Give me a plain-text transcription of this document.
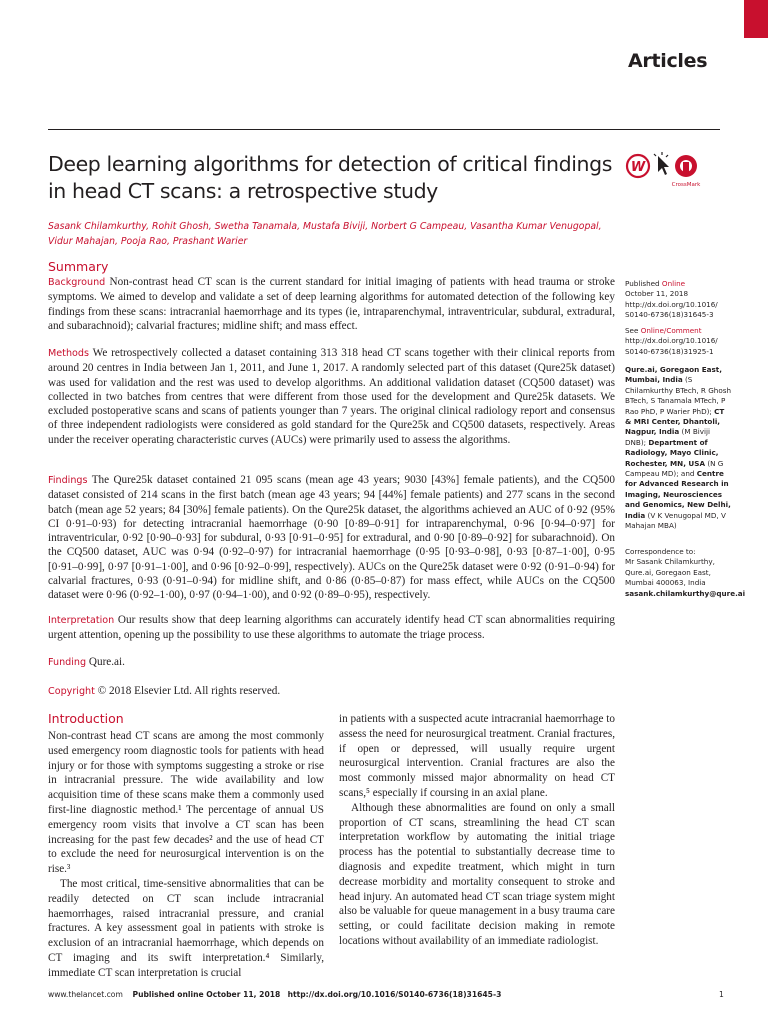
Articles
Deep learning algorithms for detection of critical findings in head CT scans: a retrospective study
W
CrossMark
Sasank Chilamkurthy, Rohit Ghosh, Swetha Tanamala, Mustafa Biviji, Norbert G Campeau, Vasantha Kumar Venugopal, Vidur Mahajan, Pooja Rao, Prashant Warier
Summary

Background Non-contrast head CT scan is the current standard for initial imaging of patients with head trauma or stroke symptoms. We aimed to develop and validate a set of deep learning algorithms for automated detection of the following key findings from these scans: intracranial haemorrhage and its types (ie, intraparenchymal, intraventricular, subdural, extradural, and subarachnoid); calvarial fractures; midline shift; and mass effect.

Methods We retrospectively collected a dataset containing 313 318 head CT scans together with their clinical reports from around 20 centres in India between Jan 1, 2011, and June 1, 2017. A randomly selected part of this dataset (Qure25k dataset) was used for validation and the rest was used to develop algorithms. An additional validation dataset (CQ500 dataset) was collected in two batches from centres that were different from those used for the development and Qure25k datasets. We excluded postoperative scans and scans of patients younger than 7 years. The original clinical radiology report and consensus of three independent radiologists were considered as gold standard for the Qure25k and CQ500 datasets, respectively. Areas under the receiver operating characteristic curves (AUCs) were primarily used to assess the algorithms.

Findings The Qure25k dataset contained 21 095 scans (mean age 43 years; 9030 [43%] female patients), and the CQ500 dataset consisted of 214 scans in the first batch (mean age 43 years; 94 [44%] female patients) and 277 scans in the second batch (mean age 52 years; 84 [30%] female patients). On the Qure25k dataset, the algorithms achieved an AUC of 0·92 (95% CI 0·91–0·93) for detecting intracranial haemorrhage (0·90 [0·89–0·91] for intraparenchymal, 0·96 [0·94–0·97] for intraventricular, 0·92 [0·90–0·93] for subdural, 0·93 [0·91–0·95] for extradural, and 0·90 [0·89–0·92] for subarachnoid). On the CQ500 dataset, AUC was 0·94 (0·92–0·97) for intracranial haemorrhage (0·95 [0·93–0·98], 0·93 [0·87–1·00], 0·95 [0·91–0·99], 0·97 [0·91–1·00], and 0·96 [0·92–0·99], respectively). AUCs on the Qure25k dataset were 0·92 (0·91–0·94) for calvarial fractures, 0·93 (0·91–0·94) for midline shift, and 0·86 (0·85–0·87) for mass effect, while AUCs on the CQ500 dataset were 0·96 (0·92–1·00), 0·97 (0·94–1·00), and 0·92 (0·89–0·95), respectively.

Interpretation Our results show that deep learning algorithms can accurately identify head CT scan abnormalities requiring urgent attention, opening up the possibility to use these algorithms to automate the triage process.

Funding Qure.ai.

Copyright © 2018 Elsevier Ltd. All rights reserved.

Published Online
October 11, 2018
http://dx.doi.org/10.1016/ S0140-6736(18)31645-3
See Online/Comment
http://dx.doi.org/10.1016/ S0140-6736(18)31925-1
Qure.ai, Goregaon East, Mumbai, India (S Chilamkurthy BTech, R Ghosh BTech, S Tanamala MTech, P Rao PhD, P Warier PhD); CT & MRI Center, Dhantoli, Nagpur, India (M Biviji DNB); Department of Radiology, Mayo Clinic, Rochester, MN, USA (N G Campeau MD); and Centre for Advanced Research in Imaging, Neurosciences and Genomics, New Delhi, India (V K Venugopal MD, V Mahajan MBA)
Correspondence to:
Mr Sasank Chilamkurthy, Qure.ai, Goregaon East, Mumbai 400063, India
sasank.chilamkurthy@qure.ai
Introduction

Non-contrast head CT scans are among the most commonly used emergency room diagnostic tools for patients with head injury or for those with symptoms suggesting a stroke or rise in intracranial pressure. The wide availability and low acquisition time of these scans make them a commonly used first-line diagnostic method.¹ The percentage of annual US emergency room visits that involve a CT scan has been increasing for the past few decades² and the use of head CT to exclude the need for neurosurgical intervention is on the rise.³

The most critical, time-sensitive abnormalities that can be readily detected on CT scan include intracranial haemorrhages, raised intracranial pressure, and cranial fractures. A key assessment goal in patients with stroke is exclusion of an intracranial haemorrhage, which depends on CT imaging and its swift interpretation.⁴ Similarly, immediate CT scan interpretation is crucial

in patients with a suspected acute intracranial haemorrhage to assess the need for neurosurgical treatment. Cranial fractures, if open or depressed, will usually require urgent neurosurgical intervention. Cranial fractures are also the most commonly missed major abnormality on head CT scans,⁵ especially if coursing in an axial plane.

Although these abnormalities are found on only a small proportion of CT scans, streamlining the head CT scan interpretation workflow by automating the initial triage process has the potential to substantially decrease time to diagnosis and expedite treatment, which might in turn decrease morbidity and mortality consequent to stroke and head injury. An automated head CT scan triage system might also be valuable for queue management in a busy trauma care setting, or could facilitate decision making in remote locations without availability of an immediate radiologist.

www.thelancet.com Published online October 11, 2018 http://dx.doi.org/10.1016/S0140-6736(18)31645-3	1
